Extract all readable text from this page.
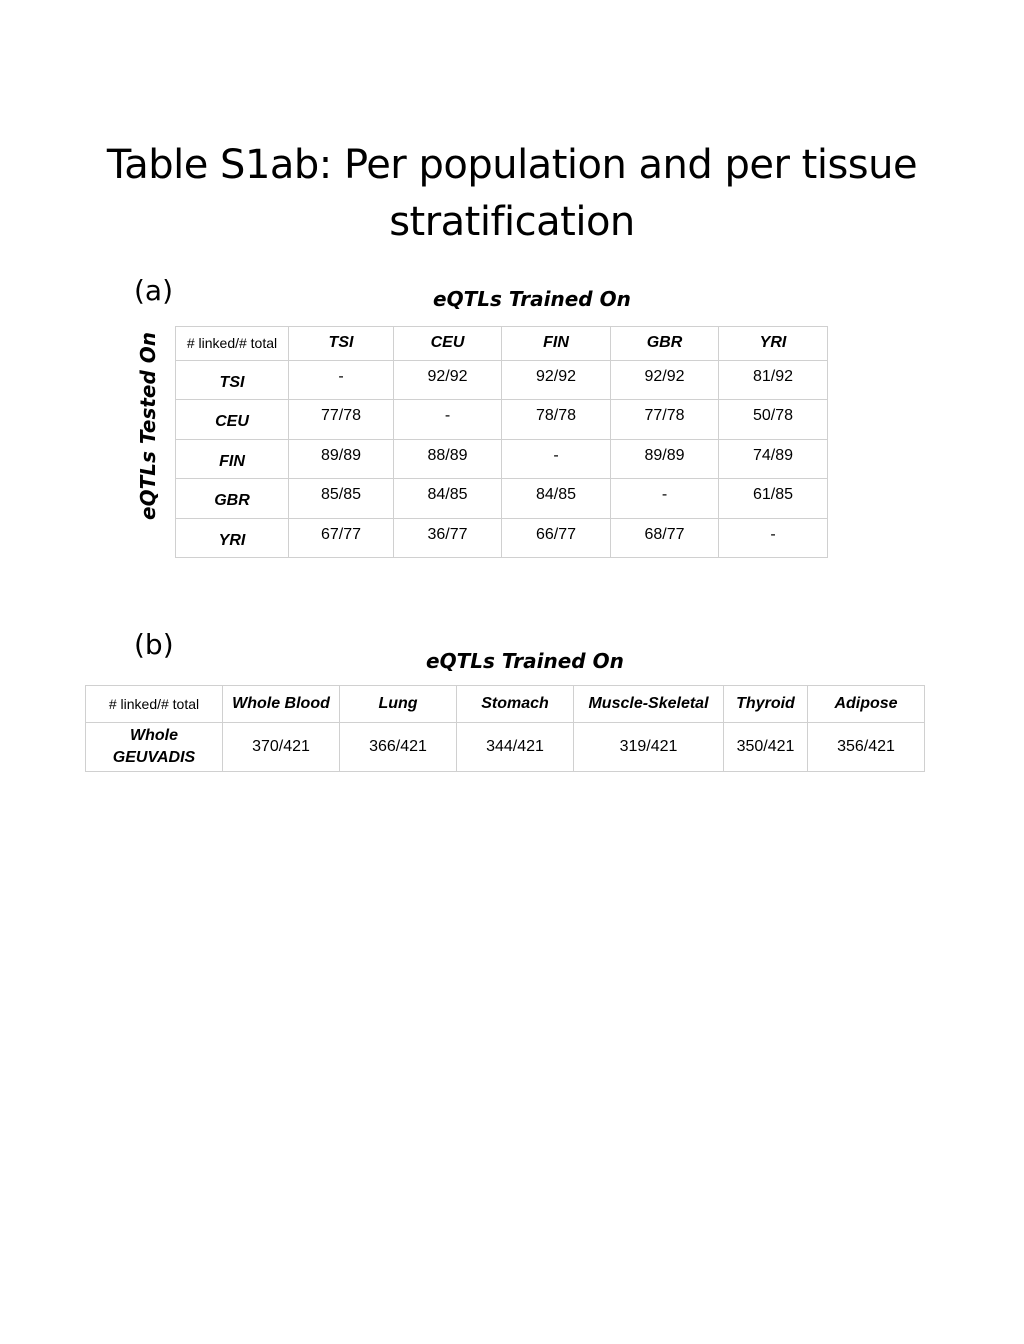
Table S1ab: Per population and per tissue stratification
(a)	eQTLs Trained On
eQTLs Tested On # linked/# total	TSI	CEU	FIN	GBR	YRI
TSI	-	92/92	92/92	92/92	81/92
CEU	77/78	-	78/78	77/78	50/78
FIN	89/89	88/89	-	89/89	74/89
GBR	85/85	84/85	84/85	-	61/85
YRI	67/77	36/77	66/77	68/77	-
(b)	eQTLs Trained On
# linked/# total	Whole Blood	Lung	Stomach	Muscle-Skeletal	Thyroid	Adipose
Whole
GEUVADIS	370/421	366/421	344/421	319/421	350/421	356/421
